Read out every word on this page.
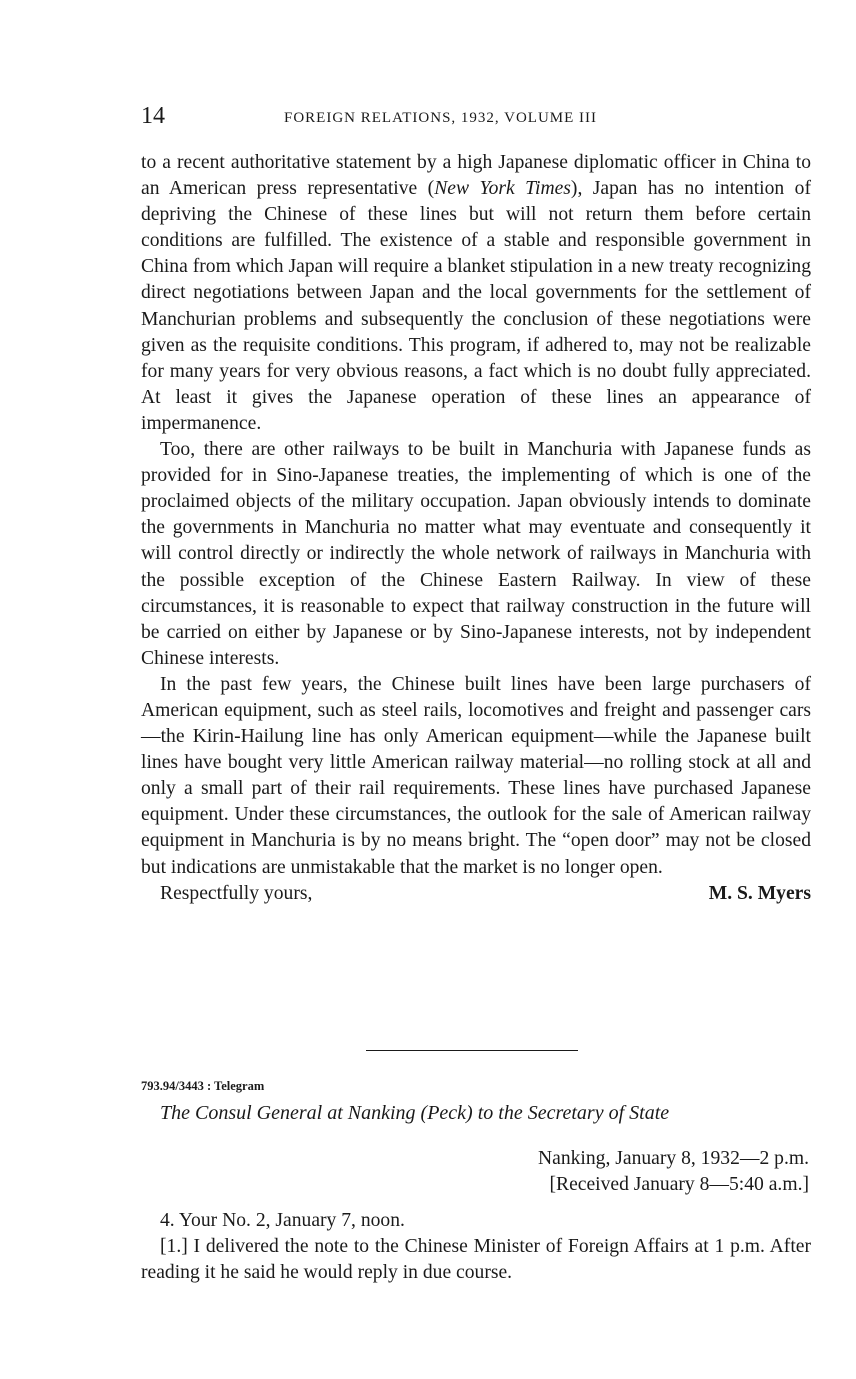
14	FOREIGN RELATIONS, 1932, VOLUME III

to a recent authoritative statement by a high Japanese diplomatic officer in China to an American press representative (New York Times), Japan has no intention of depriving the Chinese of these lines but will not return them before certain conditions are fulfilled. The existence of a stable and responsible government in China from which Japan will require a blanket stipulation in a new treaty recognizing direct negotiations between Japan and the local governments for the settlement of Manchurian problems and subsequently the conclusion of these negotiations were given as the requisite conditions. This program, if adhered to, may not be realizable for many years for very obvious reasons, a fact which is no doubt fully appreciated. At least it gives the Japanese operation of these lines an appearance of impermanence.

Too, there are other railways to be built in Manchuria with Japanese funds as provided for in Sino-Japanese treaties, the implementing of which is one of the proclaimed objects of the military occupation. Japan obviously intends to dominate the governments in Manchuria no matter what may eventuate and consequently it will control directly or indirectly the whole network of railways in Manchuria with the possible exception of the Chinese Eastern Railway. In view of these circumstances, it is reasonable to expect that railway construction in the future will be carried on either by Japanese or by Sino-Japanese interests, not by independent Chinese interests.

In the past few years, the Chinese built lines have been large purchasers of American equipment, such as steel rails, locomotives and freight and passenger cars—the Kirin-Hailung line has only American equipment—while the Japanese built lines have bought very little American railway material—no rolling stock at all and only a small part of their rail requirements. These lines have purchased Japanese equipment. Under these circumstances, the outlook for the sale of American railway equipment in Manchuria is by no means bright. The “open door” may not be closed but indications are unmistakable that the market is no longer open.

Respectfully yours,	M. S. Myers
793.94/3443 : Telegram
The Consul General at Nanking (Peck) to the Secretary of State
Nanking, January 8, 1932—2 p.m.
[Received January 8—5:40 a.m.]

4. Your No. 2, January 7, noon.

[1.] I delivered the note to the Chinese Minister of Foreign Affairs at 1 p.m. After reading it he said he would reply in due course.
